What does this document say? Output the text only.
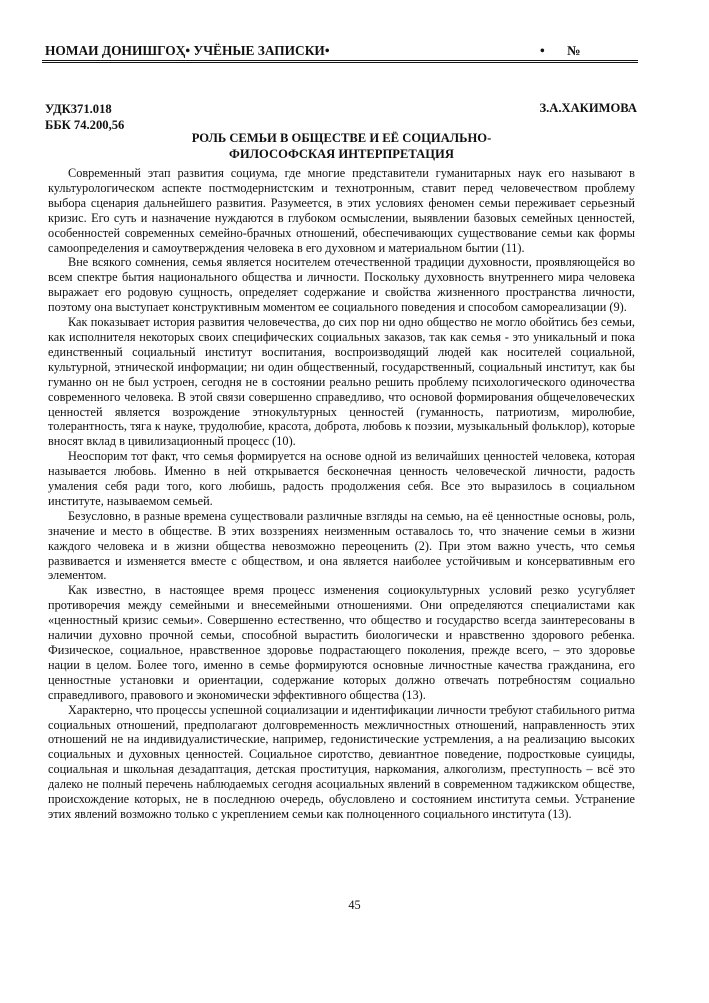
НОМАИ ДОНИШГОҲ• УЧЁНЫЕ ЗАПИСКИ•	• №
УДК371.018
ББК 74.200,56
З.А.ХАКИМОВА
РОЛЬ СЕМЬИ В ОБЩЕСТВЕ И ЕЁ СОЦИАЛЬНО-
ФИЛОСОФСКАЯ ИНТЕРПРЕТАЦИЯ

Современный этап развития социума, где многие представители гуманитарных наук его называют в культурологическом аспекте постмодернистским и технотронным, ставит перед человечеством проблему выбора сценария дальнейшего развития. Разумеется, в этих условиях феномен семьи переживает серьезный кризис. Его суть и назначение нуждаются в глубоком осмыслении, выявлении базовых семейных ценностей, особенностей современных семейно-брачных отношений, обеспечивающих существование семьи как формы самоопределения и самоутверждения человека в его духовном и материальном бытии (11).

Вне всякого сомнения, семья является носителем отечественной традиции духовности, проявляющейся во всем спектре бытия национального общества и личности. Поскольку духовность внутреннего мира человека выражает его родовую сущность, определяет содержание и свойства жизненного пространства личности, поэтому она выступает конструктивным моментом ее социального поведения и способом самореализации (9).

Как показывает история развития человечества, до сих пор ни одно общество не могло обойтись без семьи, как исполнителя некоторых своих специфических социальных заказов, так как семья - это уникальный и пока единственный социальный институт воспитания, воспроизводящий людей как носителей социальной, культурной, этнической информации; ни один общественный, государственный, социальный институт, как бы гуманно он не был устроен, сегодня не в состоянии реально решить проблему психологического одиночества современного человека. В этой связи совершенно справедливо, что основой формирования общечеловеческих ценностей является возрождение этнокультурных ценностей (гуманность, патриотизм, миролюбие, толерантность, тяга к науке, трудолюбие, красота, доброта, любовь к поэзии, музыкальный фольклор), которые вносят вклад в цивилизационный процесс (10).

Неоспорим тот факт, что семья формируется на основе одной из величайших ценностей человека, которая называется любовь. Именно в ней открывается бесконечная ценность человеческой личности, радость умаления себя ради того, кого любишь, радость продолжения себя. Все это выразилось в социальном институте, называемом семьей.

Безусловно, в разные времена существовали различные взгляды на семью, на её ценностные основы, роль, значение и место в обществе. В этих воззрениях неизменным оставалось то, что значение семьи в жизни каждого человека и в жизни общества невозможно переоценить (2). При этом важно учесть, что семья развивается и изменяется вместе с обществом, и она является наиболее устойчивым и консервативным его элементом.

Как известно, в настоящее время процесс изменения социокультурных условий резко усугубляет противоречия между семейными и внесемейными отношениями. Они определяются специалистами как «ценностный кризис семьи». Совершенно естественно, что общество и государство всегда заинтересованы в наличии духовно прочной семьи, способной вырастить биологически и нравственно здорового ребенка. Физическое, социальное, нравственное здоровье подрастающего поколения, прежде всего, – это здоровье нации в целом. Более того, именно в семье формируются основные личностные качества гражданина, его ценностные установки и ориентации, содержание которых должно отвечать потребностям социально справедливого, правового и экономически эффективного общества (13).

Характерно, что процессы успешной социализации и идентификации личности требуют стабильного ритма социальных отношений, предполагают долговременность межличностных отношений, направленность этих отношений не на индивидуалистические, например, гедонистические устремления, а на реализацию высоких социальных и духовных ценностей. Социальное сиротство, девиантное поведение, подростковые суициды, социальная и школьная дезадаптация, детская проституция, наркомания, алкоголизм, преступность – всё это далеко не полный перечень наблюдаемых сегодня асоциальных явлений в современном таджикском обществе, происхождение которых, не в последнюю очередь, обусловлено и состоянием института семьи. Устранение этих явлений возможно только с укреплением семьи как полноценного социального института (13).

45
